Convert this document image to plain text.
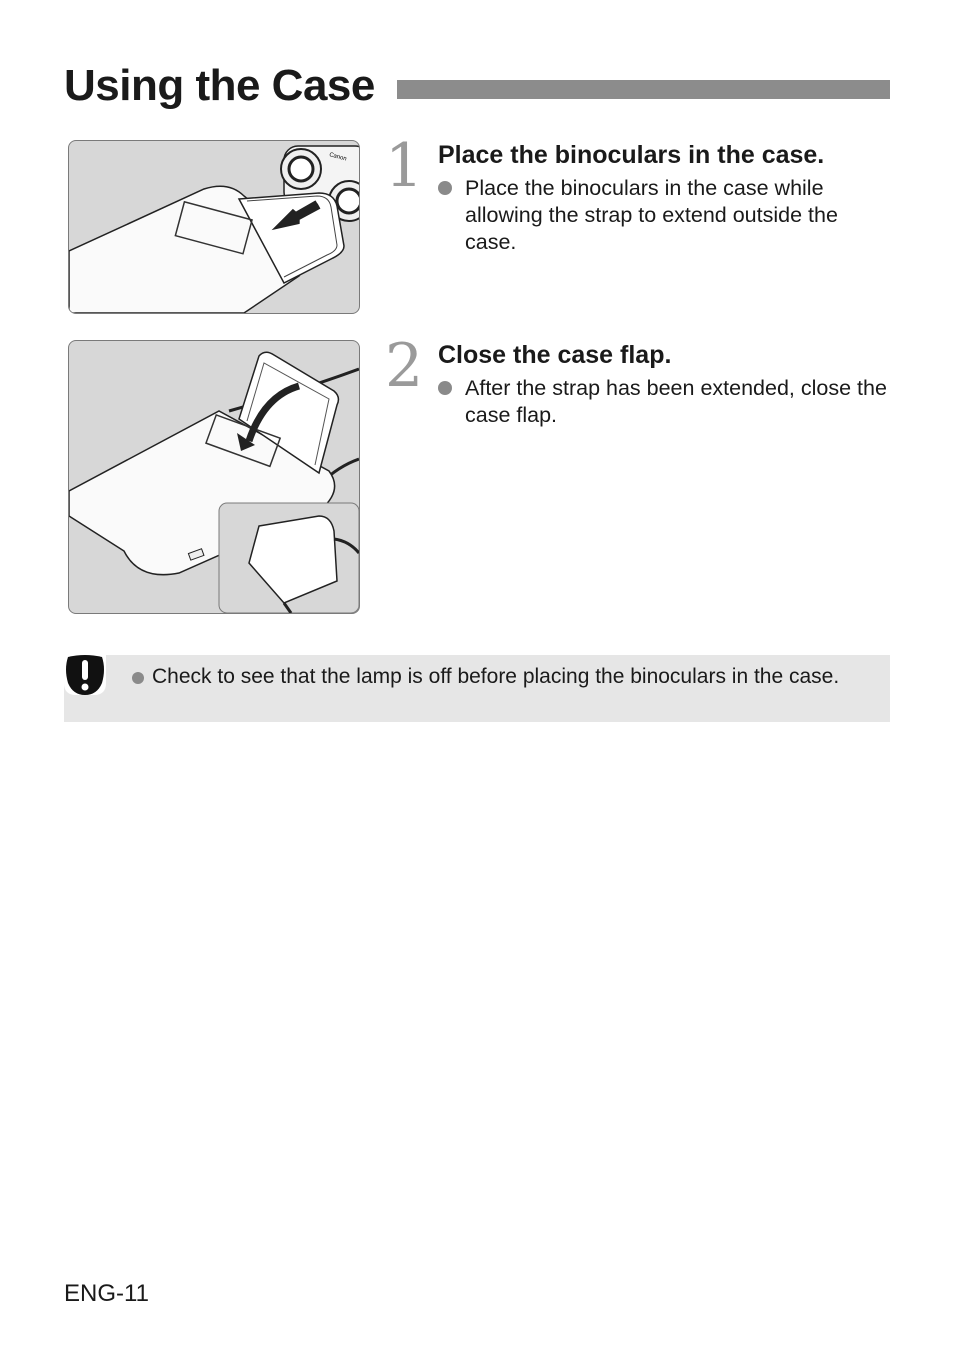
Using the Case
Canon 1 Place the binoculars in the case.
Place the binoculars in the case while allowing the strap to extend outside the case.
2 Close the case flap.
After the strap has been extended, close the case flap.
Check to see that the lamp is off before placing the binoculars in the case.
ENG-11
